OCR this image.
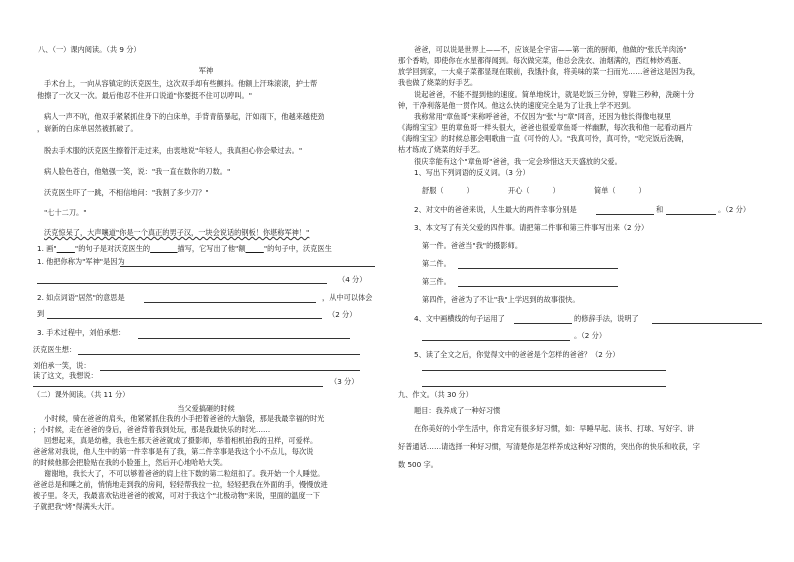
八、（一）课内阅读。（共 9 分）
军神
手术台上，一向从容镇定的沃克医生，这次双手却有些颤抖。他额上汗珠滚滚，护士帮
他擦了一次又一次。最后他忍不住开口说道"你要挺不住可以哼叫。"
病人一声不吭，他双手紧紧抓住身下的白床单，手背青筋暴起，汗如雨下，他越来越使劲
，崭新的白床单居然被抓破了。
脱去手术服的沃克医生擦着汗走过来，由衷地说"年轻人，我真担心你会晕过去。"
病人脸色苍白，他勉强一笑，说："我一直在数你的刀数。"
沃克医生吓了一跳，不相信地问："我割了多少刀？"
"七十二刀。"
沃克惊呆了，大声嚷道"你是一个真正的男子汉，一块会说话的钢板！你堪称军神！"
1. 画"	"的句子是对沃克医生的	描写，它写出了他"额	"的句子中，沃克医生
1. 他把你称为"军神"是因为
（4 分）
2. 如点词语"居然"的意思是	，从中可以体会
到	（2 分）
3. 手术过程中，刘伯承想：
沃克医生想：
刘伯承一笑，说：
读了这文，我想说：
（3 分）
（二）课外阅读。（共 11 分）
当父爱搞砸的时候
小时候，骑在爸爸的肩头，他紧紧抓住我的小手把着爸爸的大脑袋，那是我最幸福的时光
；小时候，走在爸爸的身后，爸爸背着我到处玩，那是我最快乐的时光……
回想起来，真是幼稚，我也生那天爸爸就成了摄影师，举着相机拍我的丑样，可爱样。
爸爸常对我说，他人生中的第一件幸事是有了我，第二件幸事是我这个小不点儿，每次说
的时候他都会把脸贴在我的小脸蛋上，然后开心地哈哈大笑。
谢谢地，我长大了，不可以够着爸爸的肩上往下数的第二粒纽扣了。我开始一个人睡觉。
爸爸总是和睡之前，悄悄地走到我的房间，轻轻帮我拉一拉，轻轻把我在外面的手，慢慢放进
被子里。冬天，我最喜欢钻进爸爸的被窝，可对于我这个"北极动物"来说，里面的温度一下
子就把我"烤"得满头大汗。
爸爸，可以说是世界上——不，应该是全宇宙——第一流的厨师，他做的"张氏羊肉汤"
那个香哟，即使你在水星都得闻到。每次做完菜，他总会洗衣、油烟满的，西红柿炒鸡蛋、
放学回到家，一大桌子菜都显现在眼前，我饿扑食，将美味的菜一扫而光……爸爸这是因为我，
我也做了烧菜的好手艺。
说起爸爸，不能不提到他的速度。简单地统计，就是吃饭三分钟，穿鞋三秒种，洗碗十分
钟，干净利落是他一贯作风。他这么快的速度完全是为了让我上学不迟到。
我称常用"章鱼哥"来称呼爸爸，不仅因为"张"与"章"同音，还因为他长得像电视里
《海绵宝宝》里的章鱼哥一样头很大，爸爸也很爱章鱼哥一样幽默，每次我和他一起看动画片
《海绵宝宝》的时候总都会唱歌曲一直《可怜的人》。"我真可怜，真可怜，"吃完饭后洗碗，
枯才练成了烧菜的好手艺。
很庆幸能有这个"章鱼哥"爸爸，我一定会珍惜这天天盛放的父爱。
1、写出下列词语的反义词。（3 分）
舒服（	）	开心（	）	简单（	）
2、对文中的爸爸来说，人生最大的两件幸事分别是	和	。（2 分）
3、本文写了有关父爱的四件事。请把第二件事和第三件事写出来（2 分）
第一件。爸爸当"我"的摄影师。
第二件。
第三件。
第四件，爸爸为了不让"我"上学迟到的故事很快。
4、文中画横线的句子运用了	的修辞手法，说明了
。（2 分）
5、读了全文之后，你觉得文中的爸爸是个怎样的爸爸？（2 分）
九、作文。（共 30 分）
题目：我养成了一种好习惯
在你美好的小学生活中，你肯定有很多好习惯，如：早睡早起、读书、打球、写好字、讲
好普通话……请选择一种好习惯，写清楚你是怎样养成这种好习惯的，突出你的快乐和收获，字
数 500 字。
